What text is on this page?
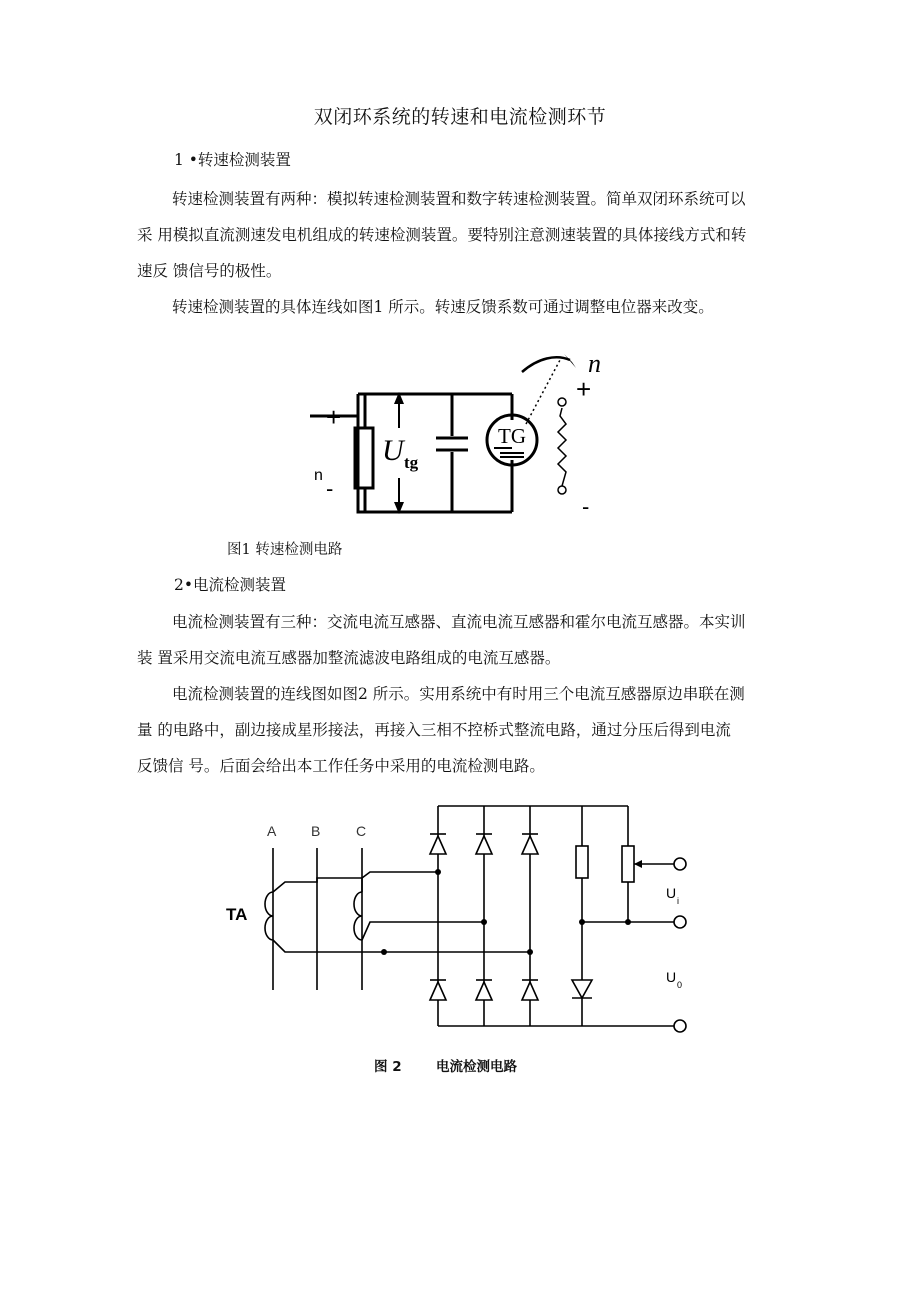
双闭环系统的转速和电流检测环节
1 •转速检测装置
转速检测装置有两种：模拟转速检测装置和数字转速检测装置。简单双闭环系统可以
采 用模拟直流测速发电机组成的转速检测装置。要特别注意测速装置的具体接线方式和转
速反 馈信号的极性。
转速检测装置的具体连线如图1 所示。转速反馈系数可通过调整电位器来改变。
TG
n
+
-
+
-
n
U tg
图1 转速检测电路
2•电流检测装置
电流检测装置有三种：交流电流互感器、直流电流互感器和霍尔电流互感器。本实训
装 置采用交流电流互感器加整流滤波电路组成的电流互感器。
电流检测装置的连线图如图2 所示。实用系统中有时用三个电流互感器原边串联在测
量 的电路中，副边接成星形接法，再接入三相不控桥式整流电路，通过分压后得到电流
反馈信 号。后面会给出本工作任务中采用的电流检测电路。
A B	C
TA
U i
U 0
图 2	电流检测电路
